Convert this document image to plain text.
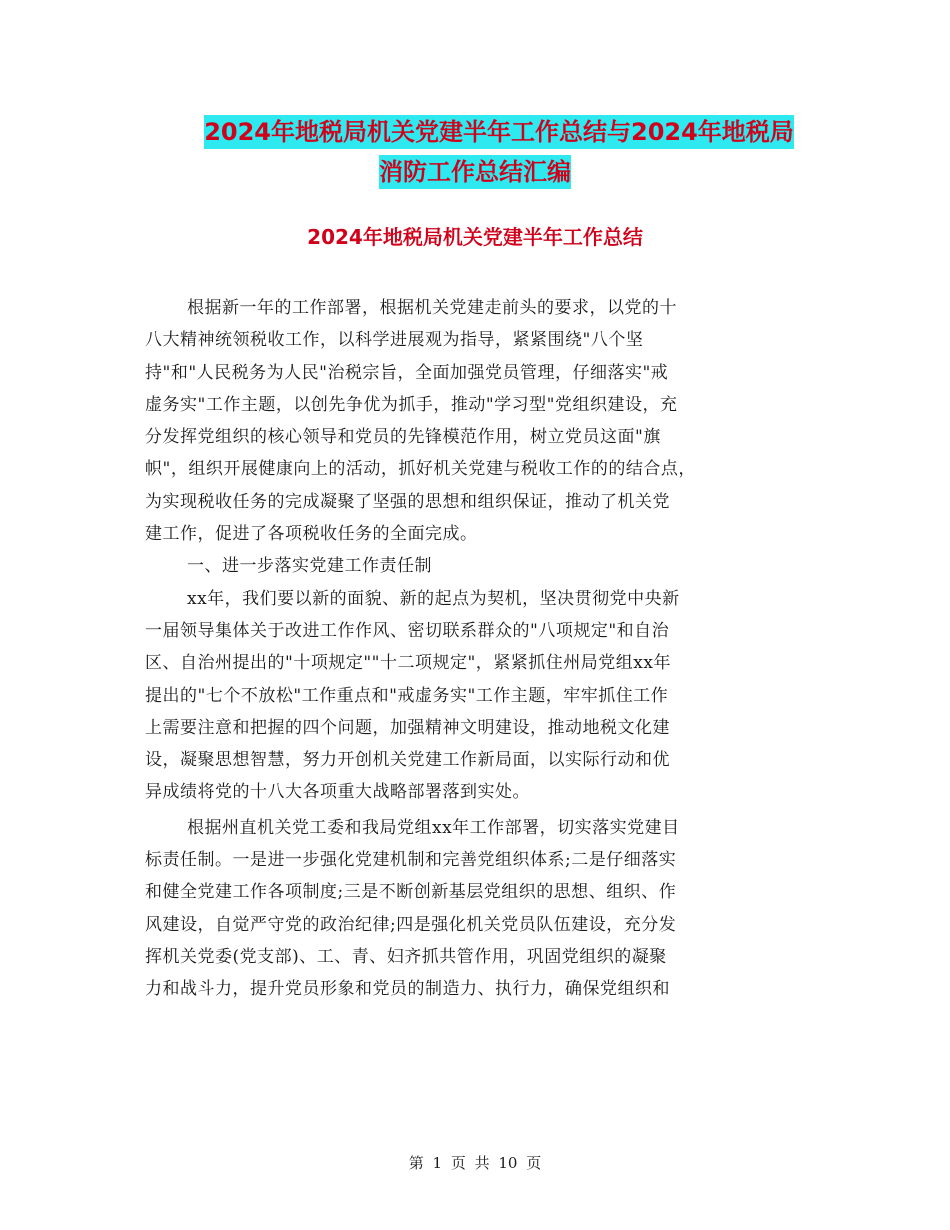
2024年地税局机关党建半年工作总结与2024年地税局
消防工作总结汇编
2024年地税局机关党建半年工作总结
根据新一年的工作部署，根据机关党建走前头的要求，以党的十
八大精神统领税收工作，以科学进展观为指导，紧紧围绕"八个坚
持"和"人民税务为人民"治税宗旨，全面加强党员管理，仔细落实"戒
虚务实"工作主题，以创先争优为抓手，推动"学习型"党组织建设，充
分发挥党组织的核心领导和党员的先锋模范作用，树立党员这面"旗
帜"，组织开展健康向上的活动，抓好机关党建与税收工作的的结合点，
为实现税收任务的完成凝聚了坚强的思想和组织保证，推动了机关党
建工作，促进了各项税收任务的全面完成。
一、进一步落实党建工作责任制
xx年，我们要以新的面貌、新的起点为契机，坚决贯彻党中央新
一届领导集体关于改进工作作风、密切联系群众的"八项规定"和自治
区、自治州提出的"十项规定""十二项规定"，紧紧抓住州局党组xx年
提出的"七个不放松"工作重点和"戒虚务实"工作主题，牢牢抓住工作
上需要注意和把握的四个问题，加强精神文明建设，推动地税文化建
设，凝聚思想智慧，努力开创机关党建工作新局面，以实际行动和优
异成绩将党的十八大各项重大战略部署落到实处。
根据州直机关党工委和我局党组xx年工作部署，切实落实党建目
标责任制。一是进一步强化党建机制和完善党组织体系;二是仔细落实
和健全党建工作各项制度;三是不断创新基层党组织的思想、组织、作
风建设，自觉严守党的政治纪律;四是强化机关党员队伍建设，充分发
挥机关党委(党支部)、工、青、妇齐抓共管作用，巩固党组织的凝聚
力和战斗力，提升党员形象和党员的制造力、执行力，确保党组织和
第 1 页 共 10 页
